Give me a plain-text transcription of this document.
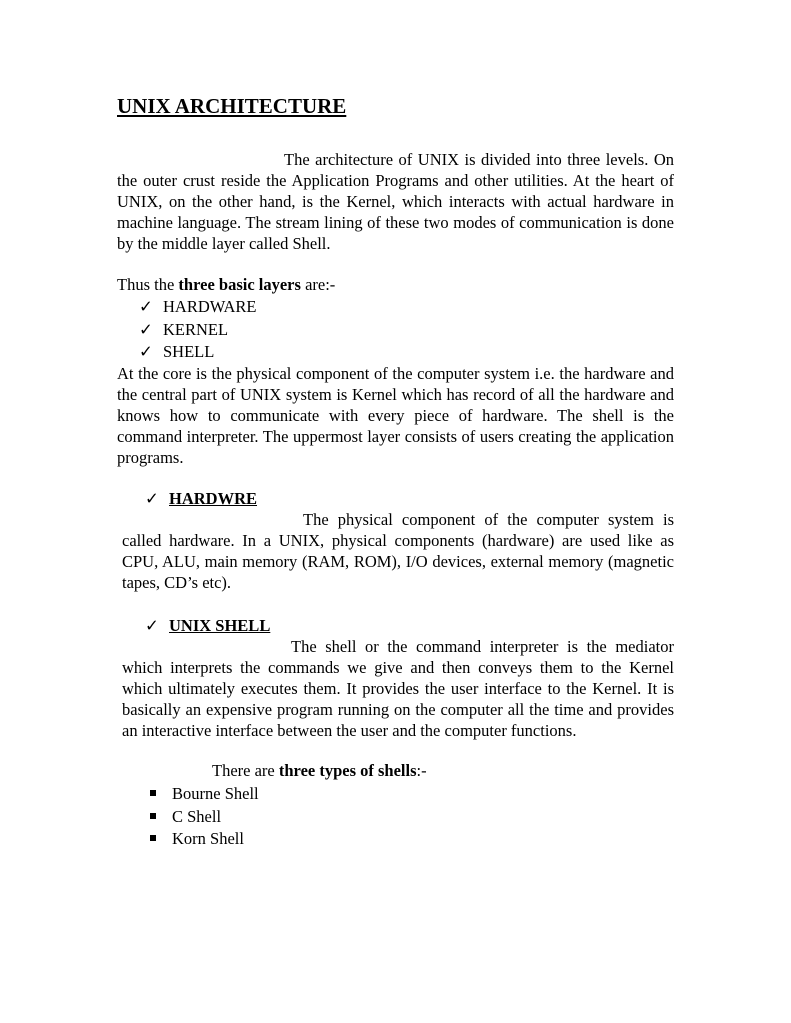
UNIX ARCHITECTURE

The architecture of UNIX is divided into three levels. On the outer crust reside the Application Programs and other utilities. At the heart of UNIX, on the other hand, is the Kernel, which interacts with actual hardware in machine language. The stream lining of these two modes of communication is done by the middle layer called Shell.

Thus the three basic layers are:-

✓ HARDWARE
✓ KERNEL
✓ SHELL

At the core is the physical component of the computer system i.e. the hardware and the central part of UNIX system is Kernel which has record of all the hardware and knows how to communicate with every piece of hardware. The shell is the command interpreter. The uppermost layer consists of users creating the application programs.

✓ HARDWRE

The physical component of the computer system is called hardware. In a UNIX, physical components (hardware) are used like as CPU, ALU, main memory (RAM, ROM), I/O devices, external memory (magnetic tapes, CD’s etc).

✓ UNIX SHELL

The shell or the command interpreter is the mediator which interprets the commands we give and then conveys them to the Kernel which ultimately executes them. It provides the user interface to the Kernel. It is basically an expensive program running on the computer all the time and provides an interactive interface between the user and the computer functions.

There are three types of shells:-

Bourne Shell
C Shell
Korn Shell
